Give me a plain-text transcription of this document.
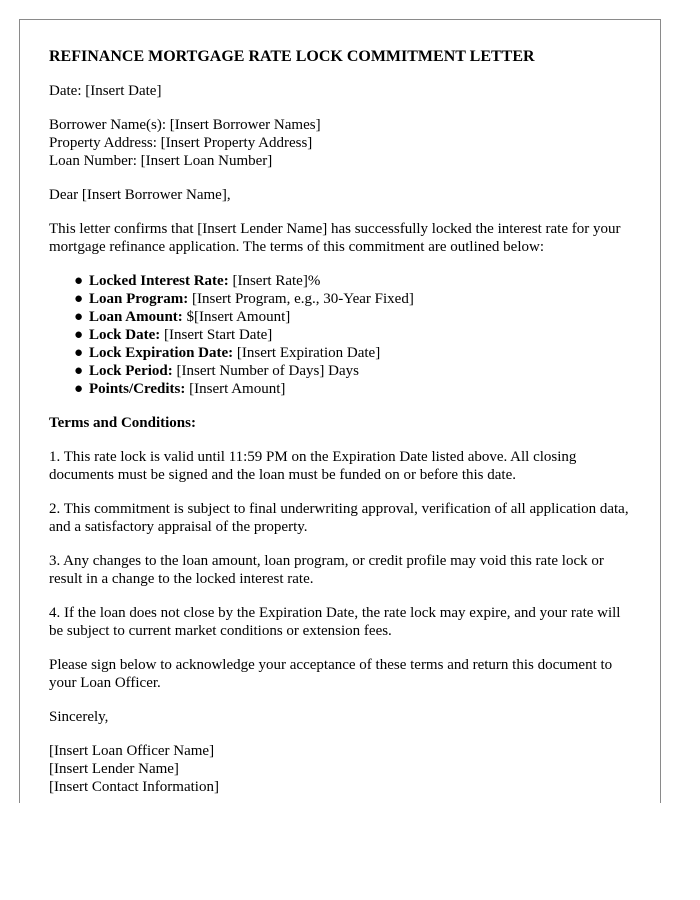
REFINANCE MORTGAGE RATE LOCK COMMITMENT LETTER

Date: [Insert Date]

Borrower Name(s): [Insert Borrower Names]
Property Address: [Insert Property Address]
Loan Number: [Insert Loan Number]

Dear [Insert Borrower Name],

This letter confirms that [Insert Lender Name] has successfully locked the interest rate for your mortgage refinance application. The terms of this commitment are outlined below:

● Locked Interest Rate: [Insert Rate]%
● Loan Program: [Insert Program, e.g., 30-Year Fixed]
● Loan Amount: $[Insert Amount]
● Lock Date: [Insert Start Date]
● Lock Expiration Date: [Insert Expiration Date]
● Lock Period: [Insert Number of Days] Days
● Points/Credits: [Insert Amount]
Terms and Conditions:

1. This rate lock is valid until 11:59 PM on the Expiration Date listed above. All closing documents must be signed and the loan must be funded on or before this date.

2. This commitment is subject to final underwriting approval, verification of all application data, and a satisfactory appraisal of the property.

3. Any changes to the loan amount, loan program, or credit profile may void this rate lock or result in a change to the locked interest rate.

4. If the loan does not close by the Expiration Date, the rate lock may expire, and your rate will be subject to current market conditions or extension fees.

Please sign below to acknowledge your acceptance of these terms and return this document to your Loan Officer.

Sincerely,

[Insert Loan Officer Name]
[Insert Lender Name]
[Insert Contact Information]
